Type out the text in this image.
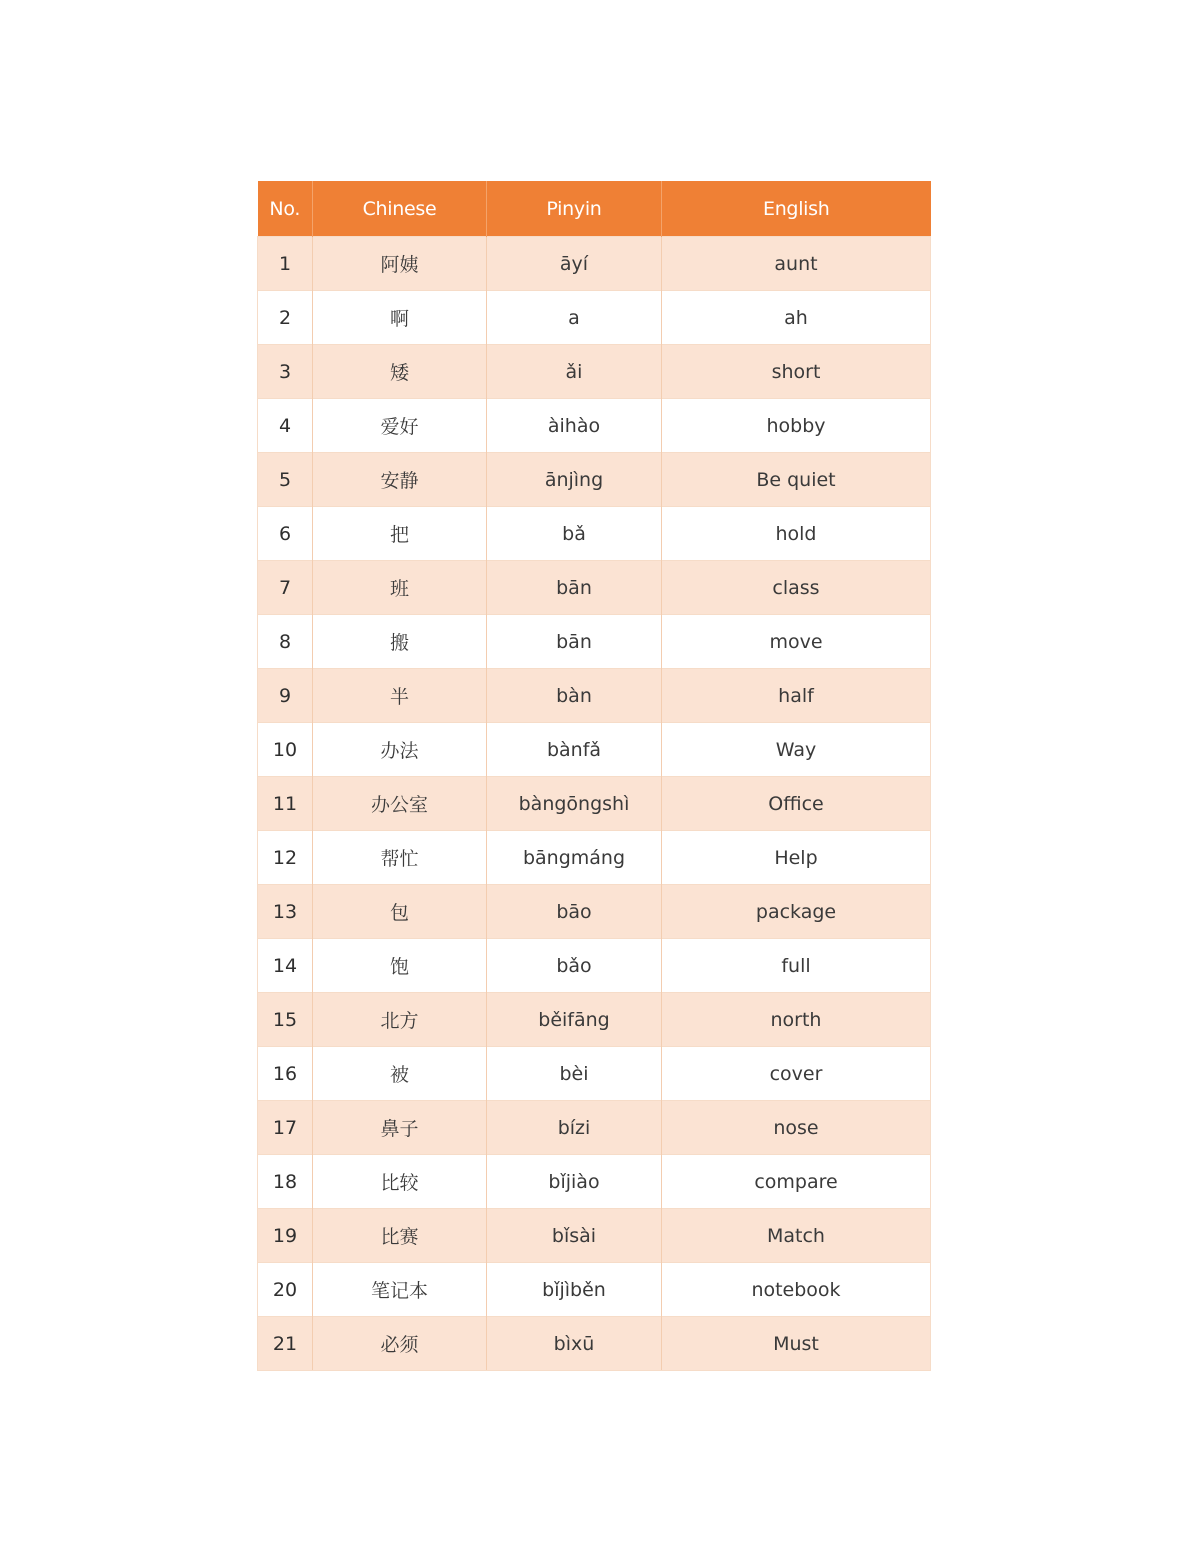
No.	Chinese	Pinyin	English
1	阿姨	āyí	aunt
2	啊	a	ah
3	矮	ǎi	short
4	爱好	àihào	hobby
5	安静	ānjìng	Be quiet
6	把	bǎ	hold
7	班	bān	class
8	搬	bān	move
9	半	bàn	half
10	办法	bànfǎ	Way
11	办公室	bàngōngshì	Office
12	帮忙	bāngmáng	Help
13	包	bāo	package
14	饱	bǎo	full
15	北方	běifāng	north
16	被	bèi	cover
17	鼻子	bízi	nose
18	比较	bǐjiào	compare
19	比赛	bǐsài	Match
20	笔记本	bǐjìběn	notebook
21	必须	bìxū	Must
